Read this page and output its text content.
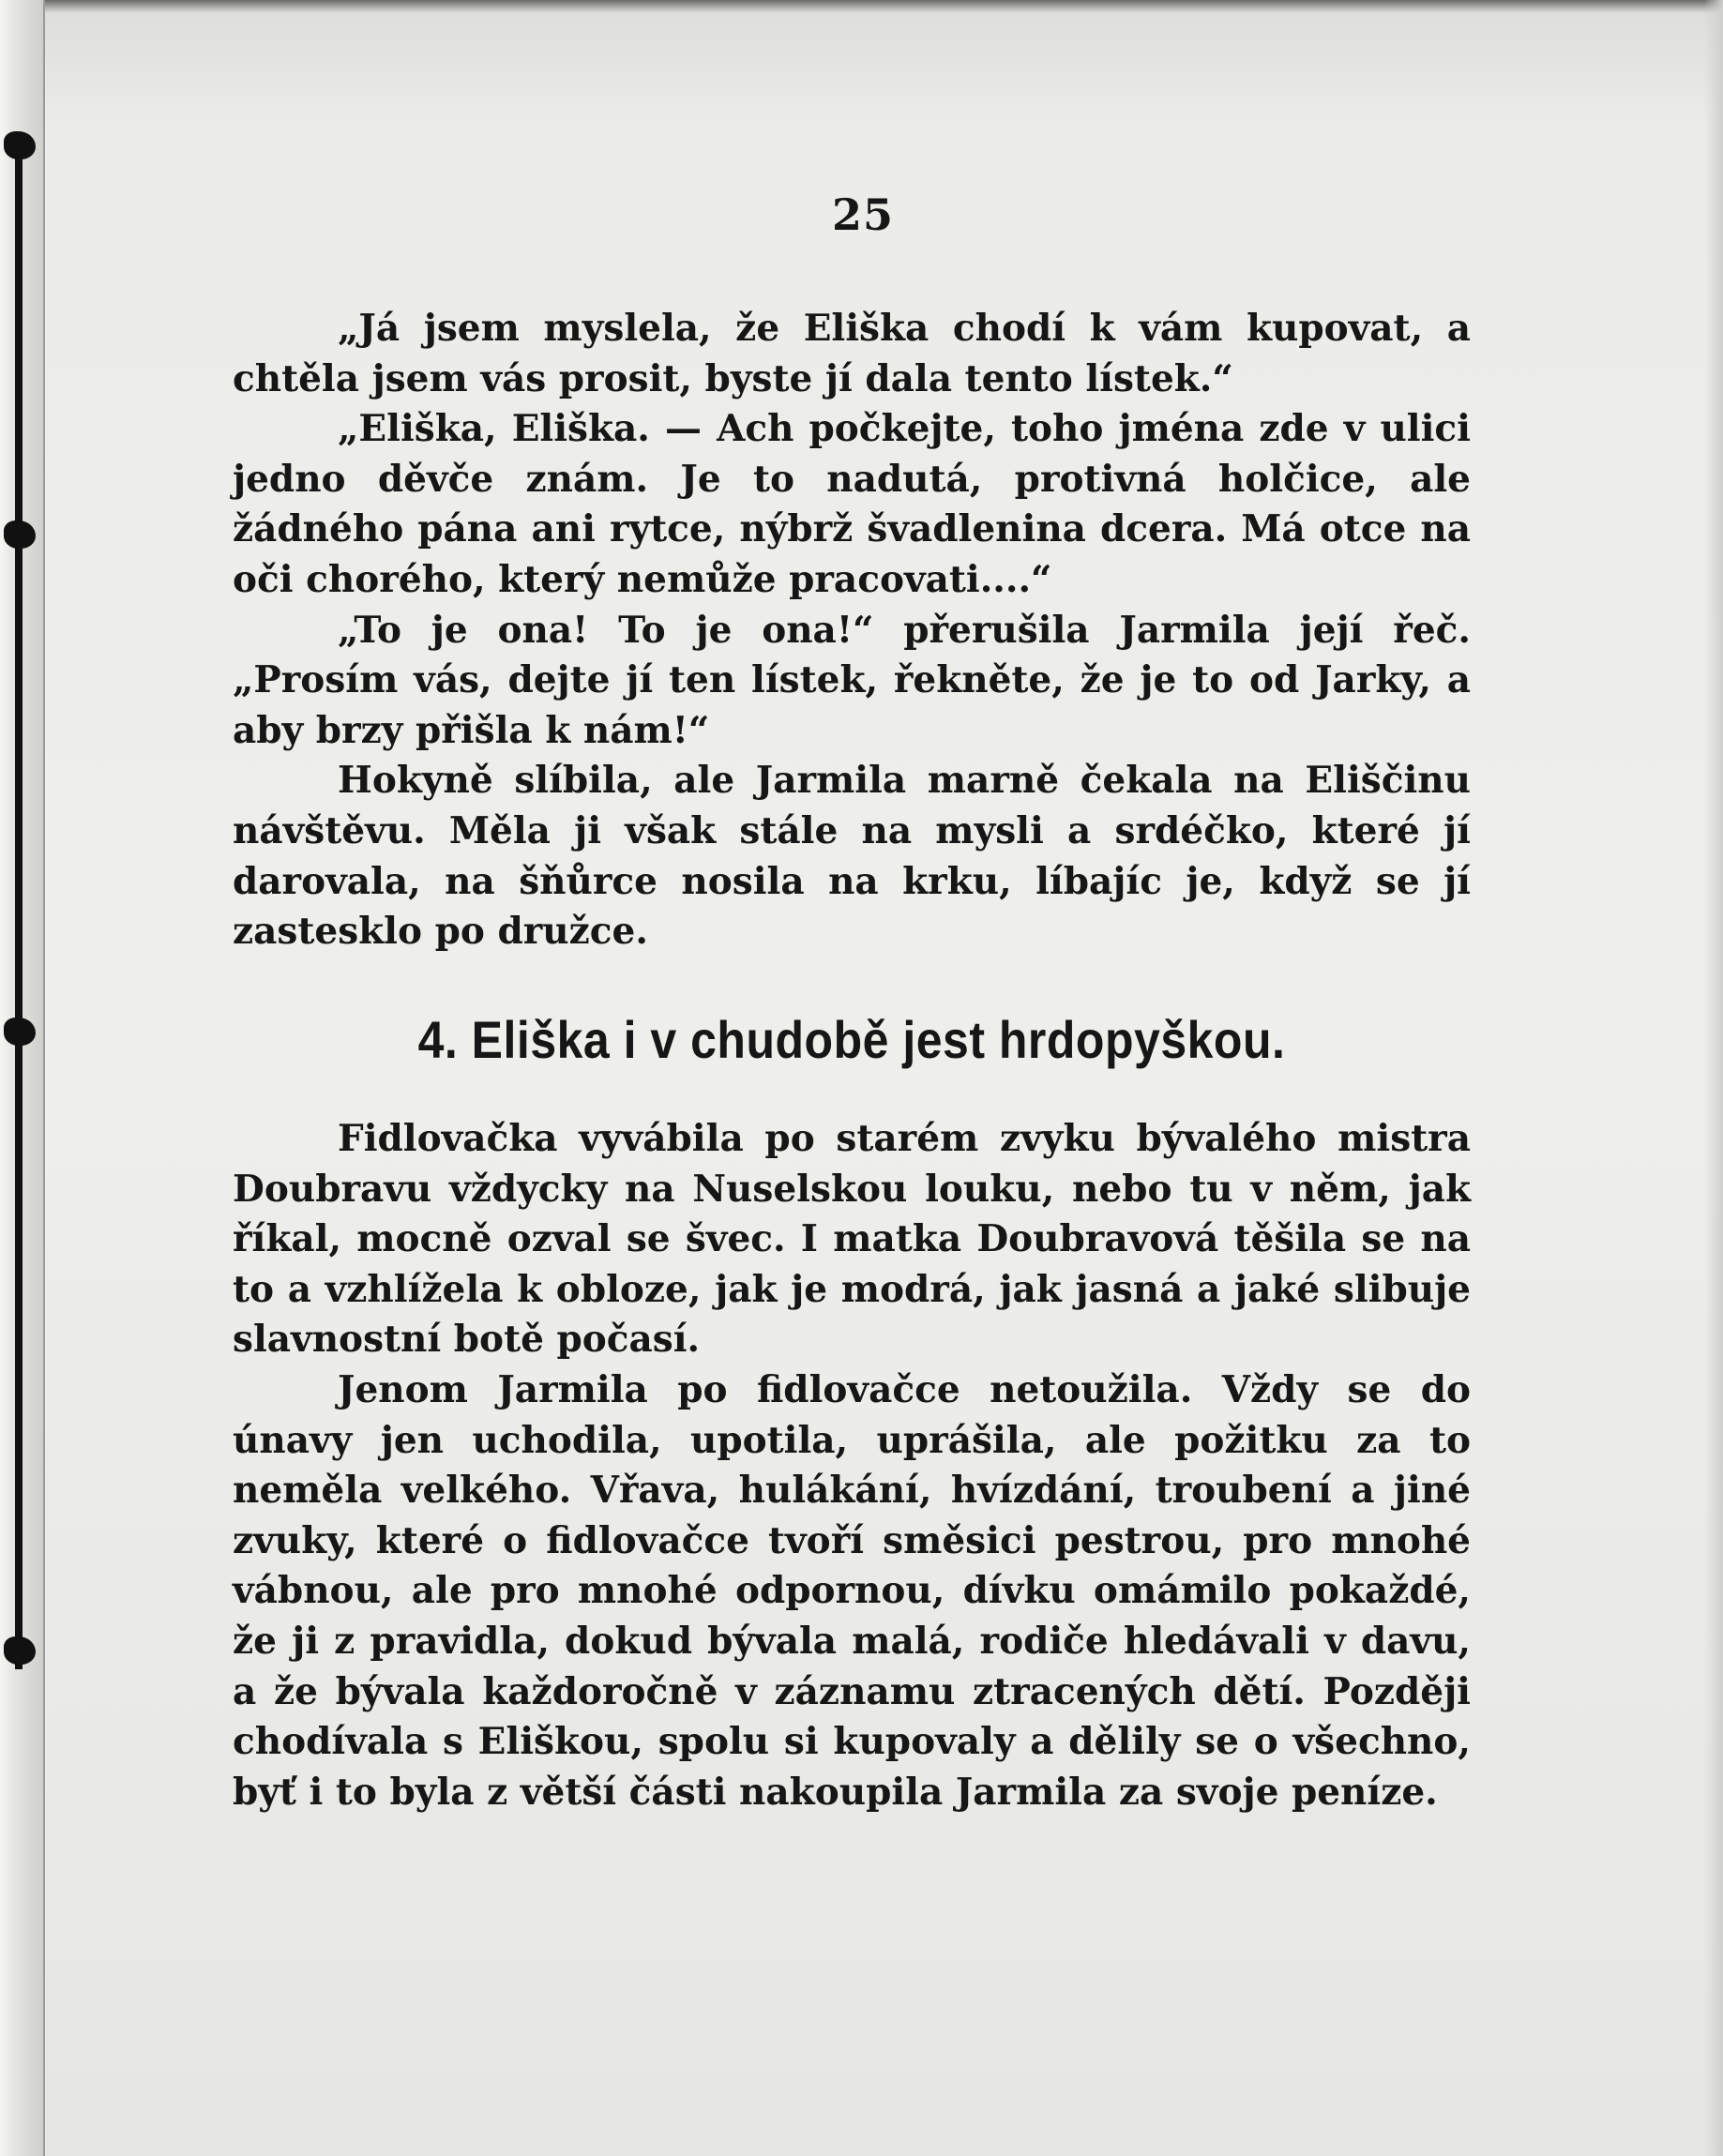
25

„Já jsem myslela, že Eliška chodí k vám kupovat, a chtěla jsem vás prosit, byste jí dala tento lístek.“

„Eliška, Eliška. — Ach počkejte, toho jména zde v ulici jedno děvče znám. Je to nadutá, protivná holčice, ale žádného pána ani rytce, nýbrž švadlenina dcera. Má otce na oči chorého, který nemůže pracovati....“

„To je ona! To je ona!“ přerušila Jarmila její řeč. „Prosím vás, dejte jí ten lístek, řekněte, že je to od Jarky, a aby brzy přišla k nám!“

Hokyně slíbila, ale Jarmila marně čekala na Eliščinu návštěvu. Měla ji však stále na mysli a srdéčko, které jí darovala, na šňůrce nosila na krku, líbajíc je, když se jí zastesklo po družce.

4. Eliška i v chudobě jest hrdopyškou.

Fidlovačka vyvábila po starém zvyku bývalého mistra Doubravu vždycky na Nuselskou louku, nebo tu v něm, jak říkal, mocně ozval se švec. I matka Doubravová těšila se na to a vzhlížela k obloze, jak je modrá, jak jasná a jaké slibuje slavnostní botě počasí.

Jenom Jarmila po fidlovačce netoužila. Vždy se do únavy jen uchodila, upotila, uprášila, ale požitku za to neměla velkého. Vřava, hulákání, hvízdání, troubení a jiné zvuky, které o fidlovačce tvoří směsici pestrou, pro mnohé vábnou, ale pro mnohé odpornou, dívku omámilo pokaždé, že ji z pravidla, dokud bývala malá, rodiče hledávali v davu, a že bývala každoročně v záznamu ztracených dětí. Později chodívala s Eliškou, spolu si kupovaly a dělily se o všechno, byť i to byla z větší části nakoupila Jarmila za svoje peníze.
